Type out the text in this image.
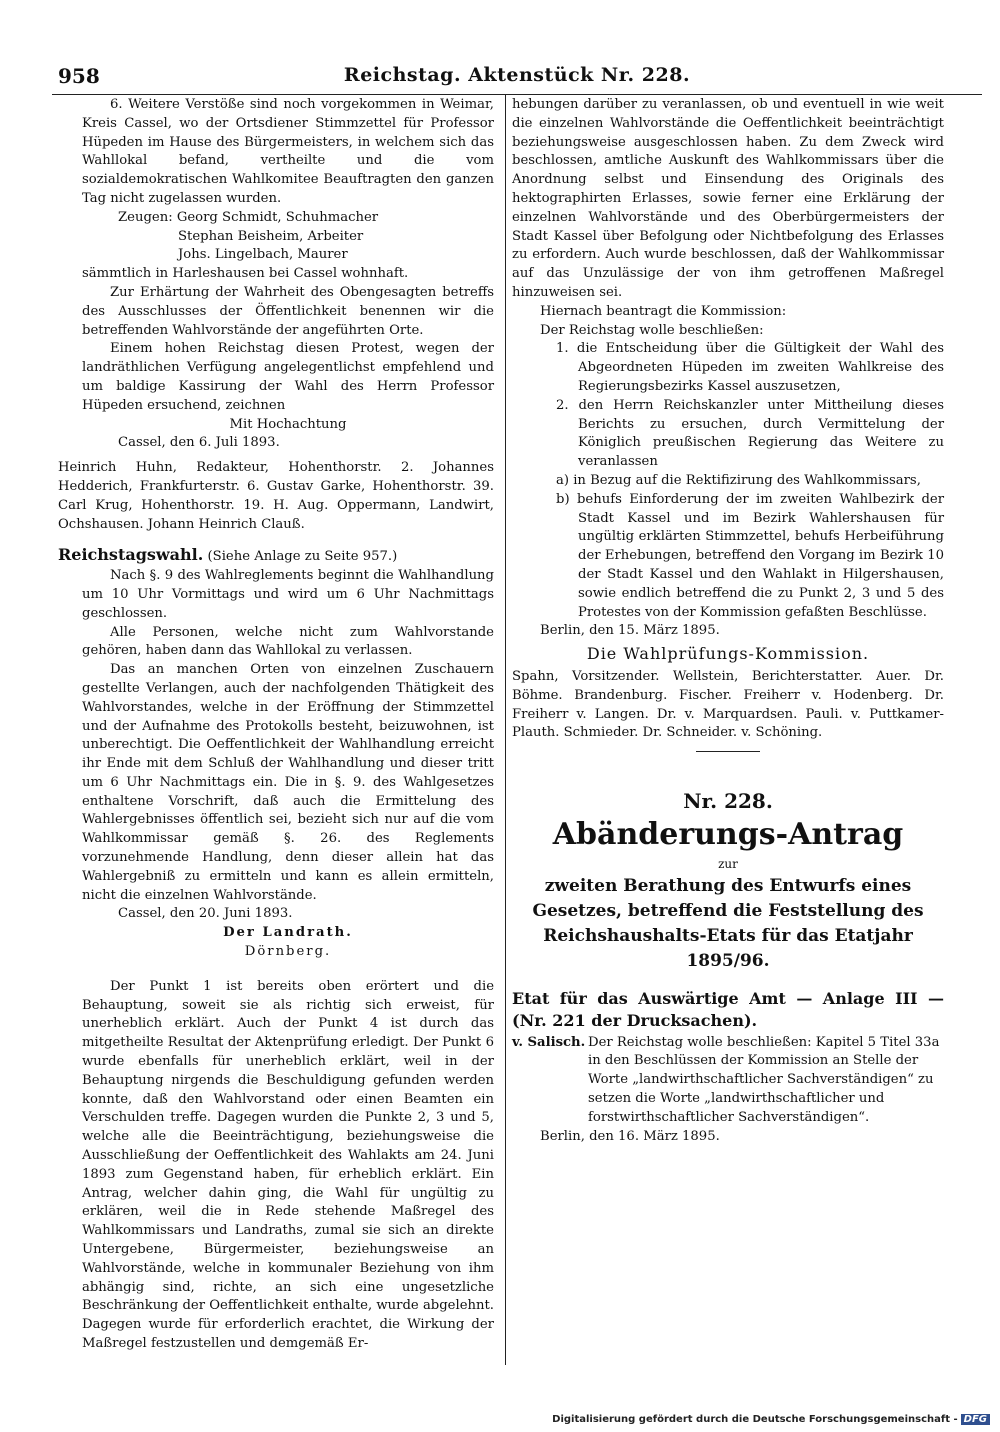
958	Reichstag. Aktenstück Nr. 228.

6. Weitere Verstöße sind noch vorgekommen in Weimar, Kreis Cassel, wo der Ortsdiener Stimmzettel für Professor Hüpeden im Hause des Bürgermeisters, in welchem sich das Wahllokal befand, vertheilte und die vom sozialdemokratischen Wahlkomitee Beauftragten den ganzen Tag nicht zugelassen wurden.

Zeugen: Georg Schmidt, Schuhmacher

Stephan Beisheim, Arbeiter

Johs. Lingelbach, Maurer

sämmtlich in Harleshausen bei Cassel wohnhaft.

Zur Erhärtung der Wahrheit des Obengesagten betreffs des Ausschlusses der Öffentlichkeit benennen wir die betreffenden Wahlvorstände der angeführten Orte.

Einem hohen Reichstag diesen Protest, wegen der landräthlichen Verfügung angelegentlichst empfehlend und um baldige Kassirung der Wahl des Herrn Professor Hüpeden ersuchend, zeichnen

Mit Hochachtung

Cassel, den 6. Juli 1893.

Heinrich Huhn, Redakteur, Hohenthorstr. 2. Johannes Hedderich, Frankfurterstr. 6. Gustav Garke, Hohenthorstr. 39. Carl Krug, Hohenthorstr. 19. H. Aug. Oppermann, Landwirt, Ochshausen. Johann Heinrich Clauß.

Reichstagswahl. (Siehe Anlage zu Seite 957.)

Nach §. 9 des Wahlreglements beginnt die Wahlhandlung um 10 Uhr Vormittags und wird um 6 Uhr Nachmittags geschlossen.

Alle Personen, welche nicht zum Wahlvorstande gehören, haben dann das Wahllokal zu verlassen.

Das an manchen Orten von einzelnen Zuschauern gestellte Verlangen, auch der nachfolgenden Thätigkeit des Wahlvorstandes, welche in der Eröffnung der Stimmzettel und der Aufnahme des Protokolls besteht, beizuwohnen, ist unberechtigt. Die Oeffentlichkeit der Wahlhandlung erreicht ihr Ende mit dem Schluß der Wahlhandlung und dieser tritt um 6 Uhr Nachmittags ein. Die in §. 9. des Wahlgesetzes enthaltene Vorschrift, daß auch die Ermittelung des Wahlergebnisses öffentlich sei, bezieht sich nur auf die vom Wahlkommissar gemäß §. 26. des Reglements vorzunehmende Handlung, denn dieser allein hat das Wahlergebniß zu ermitteln und kann es allein ermitteln, nicht die einzelnen Wahlvorstände.

Cassel, den 20. Juni 1893.

Der Landrath.

Dörnberg.

Der Punkt 1 ist bereits oben erörtert und die Behauptung, soweit sie als richtig sich erweist, für unerheblich erklärt. Auch der Punkt 4 ist durch das mitgetheilte Resultat der Aktenprüfung erledigt. Der Punkt 6 wurde ebenfalls für unerheblich erklärt, weil in der Behauptung nirgends die Beschuldigung gefunden werden konnte, daß den Wahlvorstand oder einen Beamten ein Verschulden treffe. Dagegen wurden die Punkte 2, 3 und 5, welche alle die Beeinträchtigung, beziehungsweise die Ausschließung der Oeffentlichkeit des Wahlakts am 24. Juni 1893 zum Gegenstand haben, für erheblich erklärt. Ein Antrag, welcher dahin ging, die Wahl für ungültig zu erklären, weil die in Rede stehende Maßregel des Wahlkommissars und Landraths, zumal sie sich an direkte Untergebene, Bürgermeister, beziehungsweise an Wahlvorstände, welche in kommunaler Beziehung von ihm abhängig sind, richte, an sich eine ungesetzliche Beschränkung der Oeffentlichkeit enthalte, wurde abgelehnt. Dagegen wurde für erforderlich erachtet, die Wirkung der Maßregel festzustellen und demgemäß Er-

hebungen darüber zu veranlassen, ob und eventuell in wie weit die einzelnen Wahlvorstände die Oeffentlichkeit beeinträchtigt beziehungsweise ausgeschlossen haben. Zu dem Zweck wird beschlossen, amtliche Auskunft des Wahlkommissars über die Anordnung selbst und Einsendung des Originals des hektographirten Erlasses, sowie ferner eine Erklärung der einzelnen Wahlvorstände und des Oberbürgermeisters der Stadt Kassel über Befolgung oder Nichtbefolgung des Erlasses zu erfordern. Auch wurde beschlossen, daß der Wahlkommissar auf das Unzulässige der von ihm getroffenen Maßregel hinzuweisen sei.

Hiernach beantragt die Kommission:

Der Reichstag wolle beschließen:

1. die Entscheidung über die Gültigkeit der Wahl des Abgeordneten Hüpeden im zweiten Wahlkreise des Regierungsbezirks Kassel auszusetzen,

2. den Herrn Reichskanzler unter Mittheilung dieses Berichts zu ersuchen, durch Vermittelung der Königlich preußischen Regierung das Weitere zu veranlassen

a) in Bezug auf die Rektifizirung des Wahlkommissars,

b) behufs Einforderung der im zweiten Wahlbezirk der Stadt Kassel und im Bezirk Wahlershausen für ungültig erklärten Stimmzettel, behufs Herbeiführung der Erhebungen, betreffend den Vorgang im Bezirk 10 der Stadt Kassel und den Wahlakt in Hilgershausen, sowie endlich betreffend die zu Punkt 2, 3 und 5 des Protestes von der Kommission gefaßten Beschlüsse.

Berlin, den 15. März 1895.

Die Wahlprüfungs-Kommission.

Spahn, Vorsitzender. Wellstein, Berichterstatter. Auer. Dr. Böhme. Brandenburg. Fischer. Freiherr v. Hodenberg. Dr. Freiherr v. Langen. Dr. v. Marquardsen. Pauli. v. Puttkamer-Plauth. Schmieder. Dr. Schneider. v. Schöning.

Nr. 228.

Abänderungs-Antrag

zur

zweiten Berathung des Entwurfs eines Gesetzes, betreffend die Feststellung des Reichshaushalts-Etats für das Etatjahr 1895/96.

Etat für das Auswärtige Amt — Anlage III — (Nr. 221 der Drucksachen).

v. Salisch. Der Reichstag wolle beschließen: Kapitel 5 Titel 33a in den Beschlüssen der Kommission an Stelle der Worte „landwirthschaftlicher Sachverständigen“ zu setzen die Worte „landwirthschaftlicher und forstwirthschaftlicher Sachverständigen“.

Berlin, den 16. März 1895.

Digitalisierung gefördert durch die Deutsche Forschungsgemeinschaft - DFG
